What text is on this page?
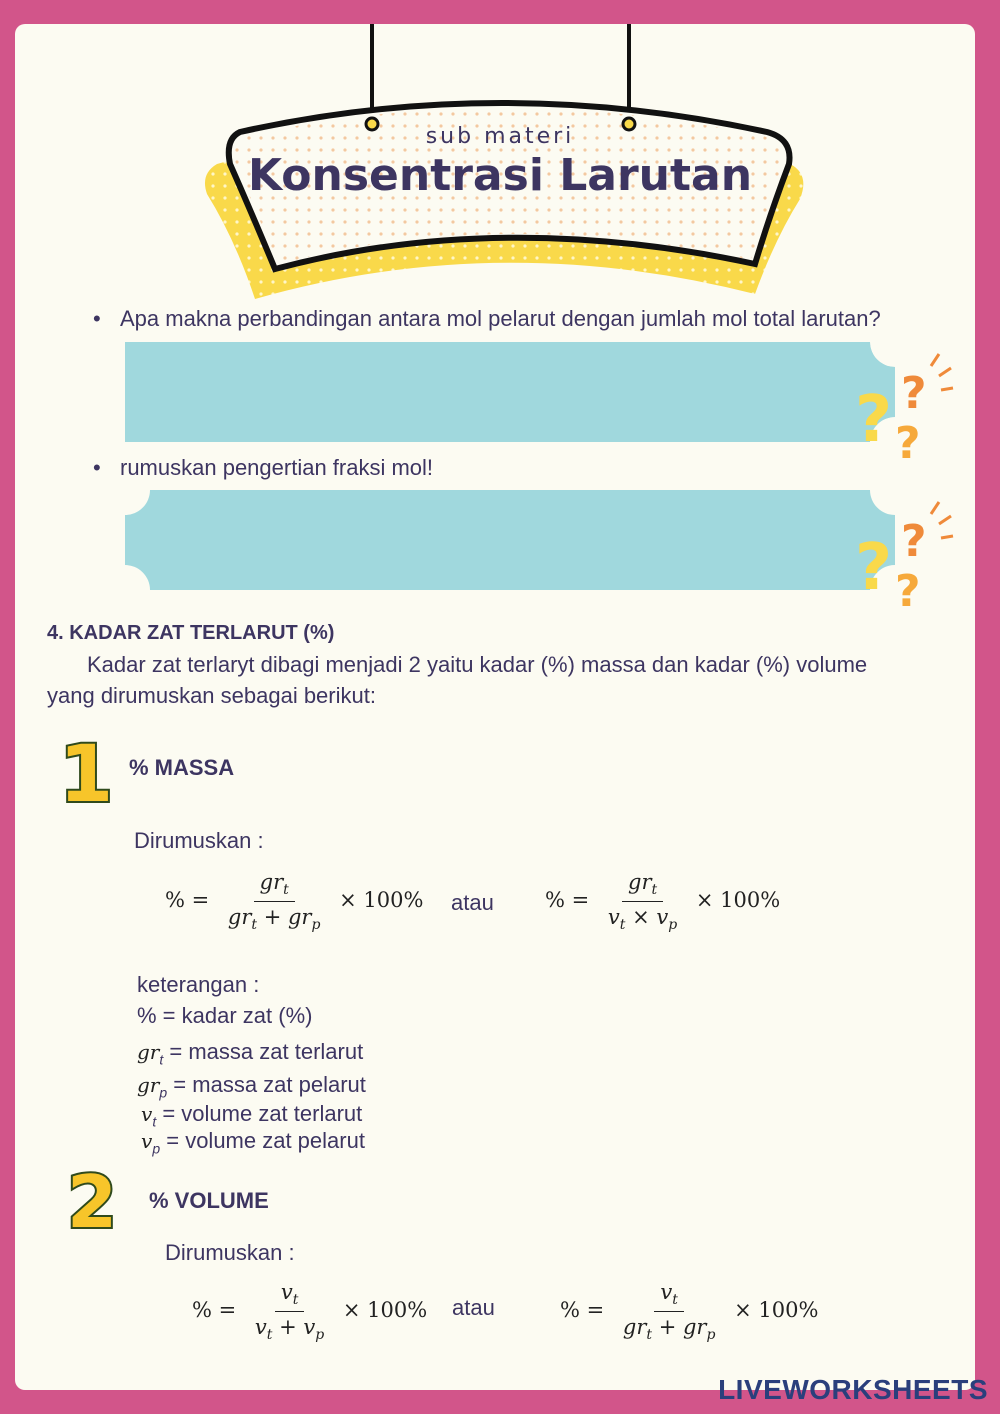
sub materi
Konsentrasi Larutan
• Apa makna perbandingan antara mol pelarut dengan jumlah mol total larutan?
? ?
?
• rumuskan pengertian fraksi mol!
? ?
?
4. KADAR ZAT TERLARUT (%)
Kadar zat terlaryt dibagi menjadi 2 yaitu kadar (%) massa dan kadar (%) volume
yang dirumuskan sebagai berikut:
1 % MASSA
Dirumuskan :
% = $\frac{gr_t}{gr_t + gr_p} \times 100\%$ atau % = $\frac{gr_t}{v_t \times v_p} \times 100\%$
keterangan :
% = kadar zat (%)
$gr_t$ = massa zat terlarut
$gr_p$ = massa zat pelarut
$v_t$ = volume zat terlarut
$v_p$ = volume zat pelarut
2 % VOLUME
Dirumuskan :
% = $\frac{v_t}{v_t + v_p} \times 100\%$ atau	% = $\frac{v_t}{gr_t + gr_p} \times 100\%$
LIVEWORKSHEETS
